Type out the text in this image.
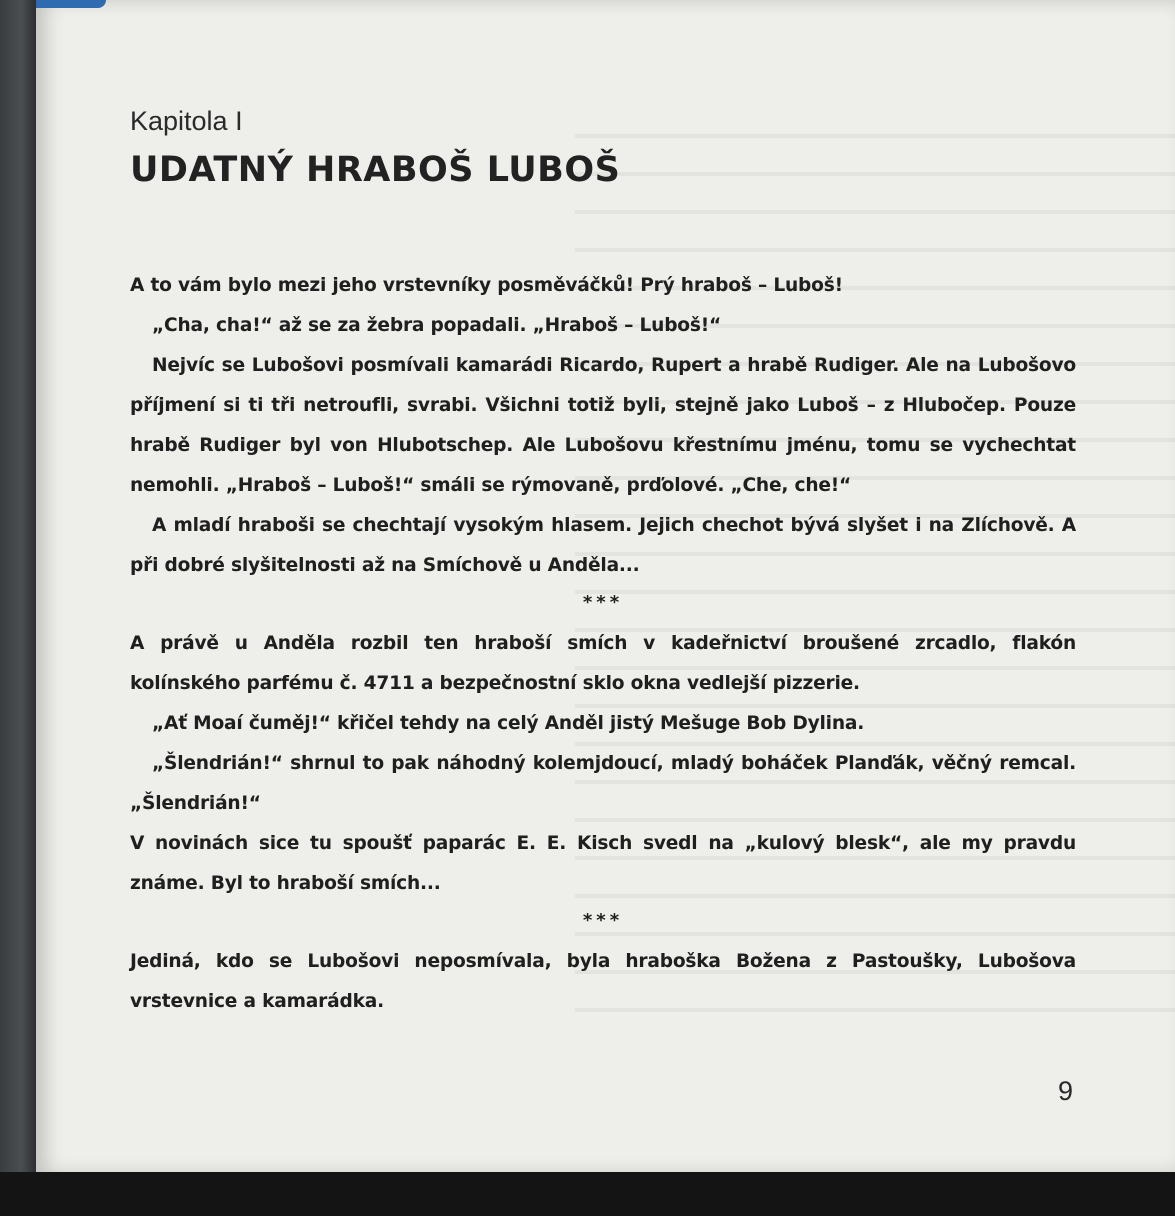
Kapitola I
UDATNÝ HRABOŠ LUBOŠ

A to vám bylo mezi jeho vrstevníky posměváčků! Prý hraboš – Luboš!

„Cha, cha!“ až se za žebra popadali. „Hraboš – Luboš!“

Nejvíc se Lubošovi posmívali kamarádi Ricardo, Rupert a hrabě Rudiger. Ale na Lubošovo příjmení si ti tři netroufli, svrabi. Všichni totiž byli, stejně jako Luboš – z Hlubočep. Pouze hrabě Rudiger byl von Hlubotschep. Ale Lubošovu křestnímu jménu, tomu se vychechtat nemohli. „Hraboš – Luboš!“ smáli se rýmovaně, prďolové. „Che, che!“

A mladí hraboši se chechtají vysokým hlasem. Jejich chechot bývá slyšet i na Zlíchově. A při dobré slyšitelnosti až na Smíchově u Anděla...

***

A právě u Anděla rozbil ten hraboší smích v kadeřnictví broušené zrcadlo, flakón kolínského parfému č. 4711 a bezpečnostní sklo okna vedlejší pizzerie.

„Ať Moaí čuměj!“ křičel tehdy na celý Anděl jistý Mešuge Bob Dylina.

„Šlendrián!“ shrnul to pak náhodný kolemjdoucí, mladý boháček Planďák, věčný remcal. „Šlendrián!“

V novinách sice tu spoušť paparác E. E. Kisch svedl na „kulový blesk“, ale my pravdu známe. Byl to hraboší smích...

***

Jediná, kdo se Lubošovi neposmívala, byla hraboška Božena z Pastoušky, Lubošova vrstevnice a kamarádka.

9
